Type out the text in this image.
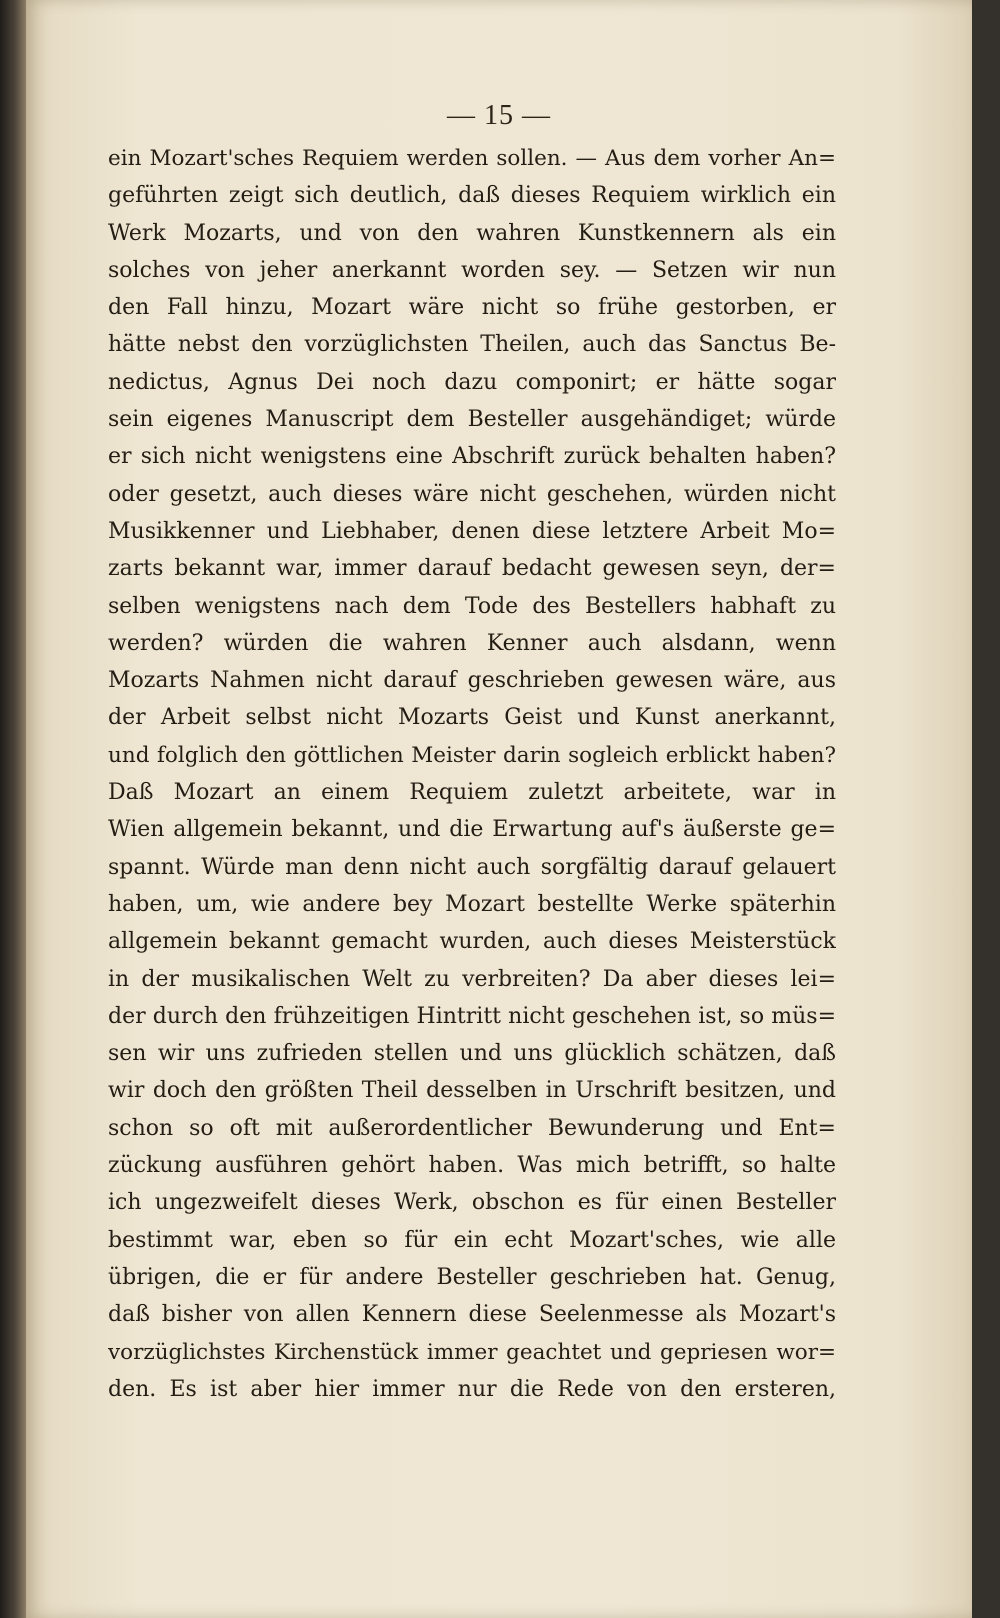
— 15 —
ein Mozart'sches Requiem werden sollen. — Aus dem vorher An=
geführten zeigt sich deutlich, daß dieses Requiem wirklich ein
Werk Mozarts, und von den wahren Kunstkennern als ein
solches von jeher anerkannt worden sey. — Setzen wir nun
den Fall hinzu, Mozart wäre nicht so frühe gestorben, er
hätte nebst den vorzüglichsten Theilen, auch das Sanctus Be-
nedictus, Agnus Dei noch dazu componirt; er hätte sogar
sein eigenes Manuscript dem Besteller ausgehändiget; würde
er sich nicht wenigstens eine Abschrift zurück behalten haben?
oder gesetzt, auch dieses wäre nicht geschehen, würden nicht
Musikkenner und Liebhaber, denen diese letztere Arbeit Mo=
zarts bekannt war, immer darauf bedacht gewesen seyn, der=
selben wenigstens nach dem Tode des Bestellers habhaft zu
werden? würden die wahren Kenner auch alsdann, wenn
Mozarts Nahmen nicht darauf geschrieben gewesen wäre, aus
der Arbeit selbst nicht Mozarts Geist und Kunst anerkannt,
und folglich den göttlichen Meister darin sogleich erblickt haben?
Daß Mozart an einem Requiem zuletzt arbeitete, war in
Wien allgemein bekannt, und die Erwartung auf's äußerste ge=
spannt. Würde man denn nicht auch sorgfältig darauf gelauert
haben, um, wie andere bey Mozart bestellte Werke späterhin
allgemein bekannt gemacht wurden, auch dieses Meisterstück
in der musikalischen Welt zu verbreiten? Da aber dieses lei=
der durch den frühzeitigen Hintritt nicht geschehen ist, so müs=
sen wir uns zufrieden stellen und uns glücklich schätzen, daß
wir doch den größten Theil desselben in Urschrift besitzen, und
schon so oft mit außerordentlicher Bewunderung und Ent=
zückung ausführen gehört haben. Was mich betrifft, so halte
ich ungezweifelt dieses Werk, obschon es für einen Besteller
bestimmt war, eben so für ein echt Mozart'sches, wie alle
übrigen, die er für andere Besteller geschrieben hat. Genug,
daß bisher von allen Kennern diese Seelenmesse als Mozart's
vorzüglichstes Kirchenstück immer geachtet und gepriesen wor=
den. Es ist aber hier immer nur die Rede von den ersteren,
